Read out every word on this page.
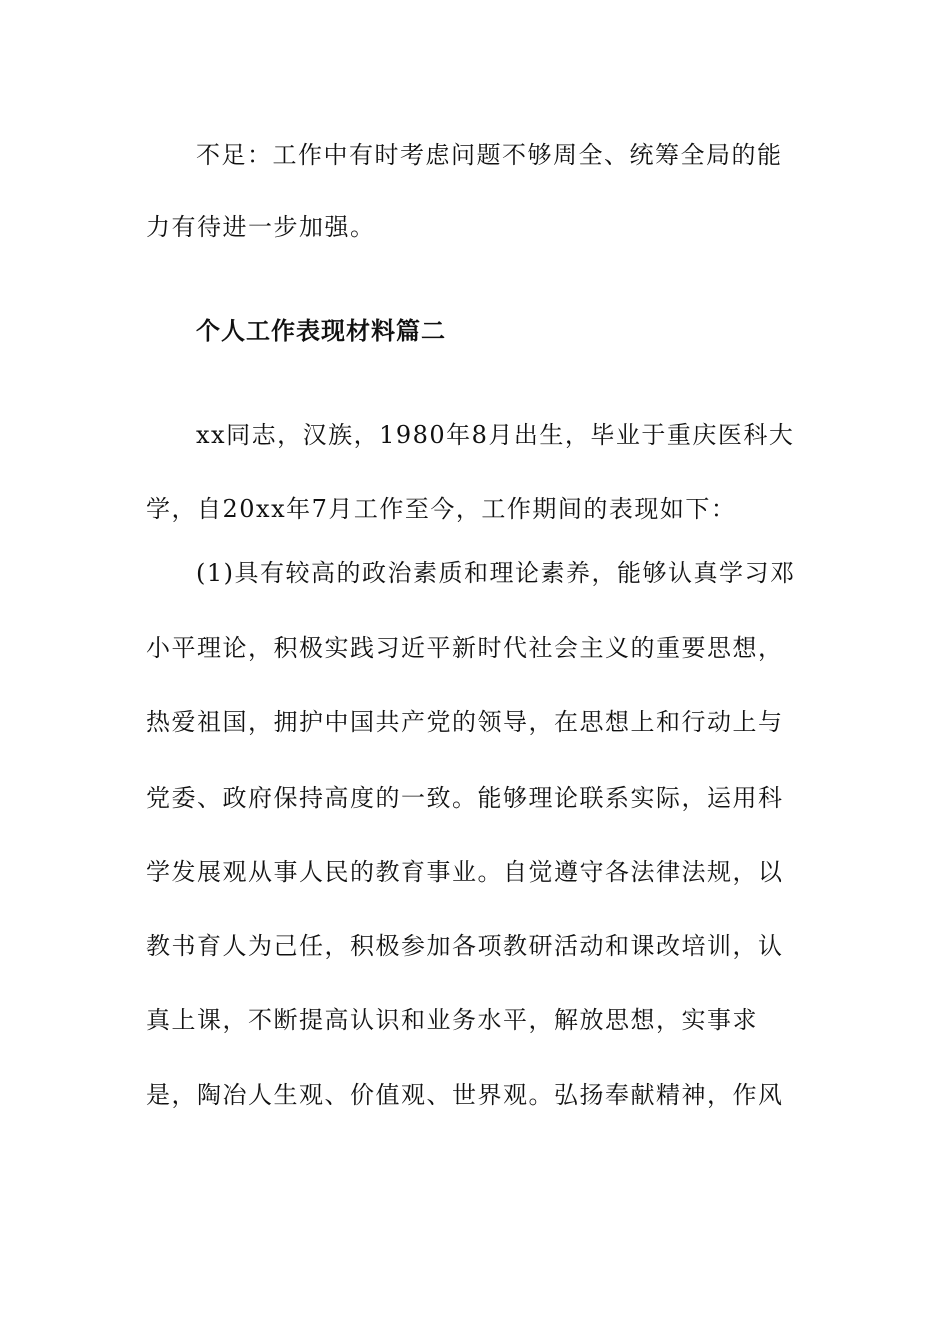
不足：工作中有时考虑问题不够周全、统筹全局的能
力有待进一步加强。
个人工作表现材料篇二
xx同志，汉族，1980年8月出生，毕业于重庆医科大
学，自20xx年7月工作至今，工作期间的表现如下：
(1)具有较高的政治素质和理论素养，能够认真学习邓
小平理论，积极实践习近平新时代社会主义的重要思想，
热爱祖国，拥护中国共产党的领导，在思想上和行动上与
党委、政府保持高度的一致。能够理论联系实际，运用科
学发展观从事人民的教育事业。自觉遵守各法律法规，以
教书育人为己任，积极参加各项教研活动和课改培训，认
真上课，不断提高认识和业务水平，解放思想，实事求
是，陶冶人生观、价值观、世界观。弘扬奉献精神，作风
